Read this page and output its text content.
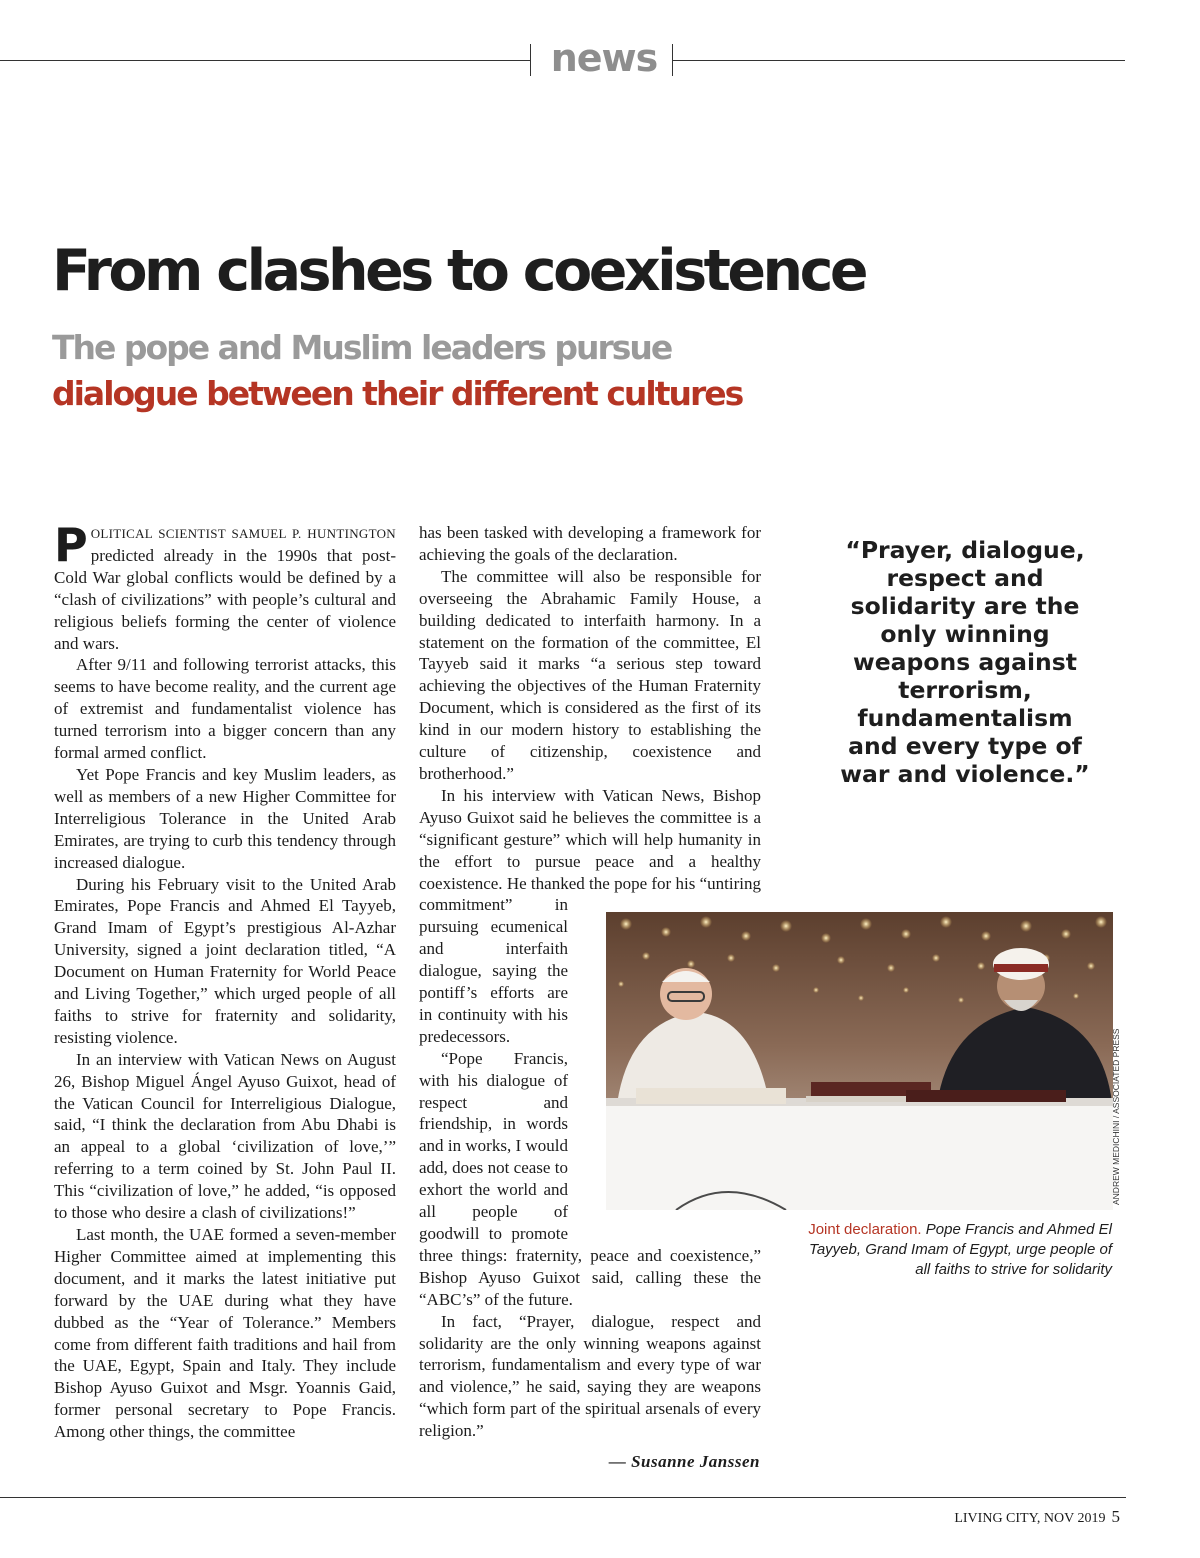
news
From clashes to coexistence
The pope and Muslim leaders pursue
dialogue between their different cultures

POLITICAL SCIENTIST SAMUEL P. HUNTINGTON predicted already in the 1990s that post-Cold War global conflicts would be defined by a “clash of civilizations” with people’s cultural and religious beliefs forming the center of violence and wars.

After 9/11 and following terrorist attacks, this seems to have become reality, and the current age of extremist and fundamentalist violence has turned terrorism into a bigger concern than any formal armed conflict.

Yet Pope Francis and key Muslim leaders, as well as members of a new Higher Committee for Interreligious Tolerance in the United Arab Emirates, are trying to curb this tendency through increased dialogue.

During his February visit to the United Arab Emirates, Pope Francis and Ahmed El Tayyeb, Grand Imam of Egypt’s prestigious Al-Azhar University, signed a joint declaration titled, “A Document on Human Fraternity for World Peace and Living Together,” which urged people of all faiths to strive for fraternity and solidarity, resisting violence.

In an interview with Vatican News on August 26, Bishop Miguel Ángel Ayuso Guixot, head of the Vatican Council for Interreligious Dialogue, said, “I think the declaration from Abu Dhabi is an appeal to a global ‘civilization of love,’” referring to a term coined by St. John Paul II. This “civilization of love,” he added, “is opposed to those who desire a clash of civilizations!”

Last month, the UAE formed a seven-member Higher Committee aimed at implementing this document, and it marks the latest initiative put forward by the UAE during what they have dubbed as the “Year of Tolerance.” Members come from different faith traditions and hail from the UAE, Egypt, Spain and Italy. They include Bishop Ayuso Guixot and Msgr. Yoannis Gaid, former personal secretary to Pope Francis. Among other things, the committee

has been tasked with developing a framework for achieving the goals of the declaration.

The committee will also be responsible for overseeing the Abrahamic Family House, a building dedicated to interfaith harmony. In a statement on the formation of the committee, El Tayyeb said it marks “a serious step toward achieving the objectives of the Human Fraternity Document, which is considered as the first of its kind in our modern history to establishing the culture of citizenship, coexistence and brotherhood.”

In his interview with Vatican News, Bishop Ayuso Guixot said he believes the committee is a “significant gesture” which will help humanity in the effort to pursue peace and a healthy coexistence. He thanked the pope for his “untiring commitment” in pursuing ecumenical and interfaith dialogue, saying the pontiff’s efforts are in continuity with his predecessors.

“Pope Francis, with his dialogue of respect and friendship, in words and in works, I would add, does not cease to exhort the world and all people of goodwill to promote three things: fraternity, peace and coexistence,” Bishop Ayuso Guixot said, calling these the “ABC’s” of the future.

In fact, “Prayer, dialogue, respect and solidarity are the only winning weapons against terrorism, fundamentalism and every type of war and violence,” he said, saying they are weapons “which form part of the spiritual arsenals of every religion.”

— Susanne Janssen
“Prayer, dialogue, respect and solidarity are the only winning weapons against terrorism, fundamentalism and every type of war and violence.”
ANDREW MEDICHINI / ASSOCIATED PRESS
Joint declaration. Pope Francis and Ahmed El Tayyeb, Grand Imam of Egypt, urge people of all faiths to strive for solidarity
LIVING CITY, NOV 2019 5
